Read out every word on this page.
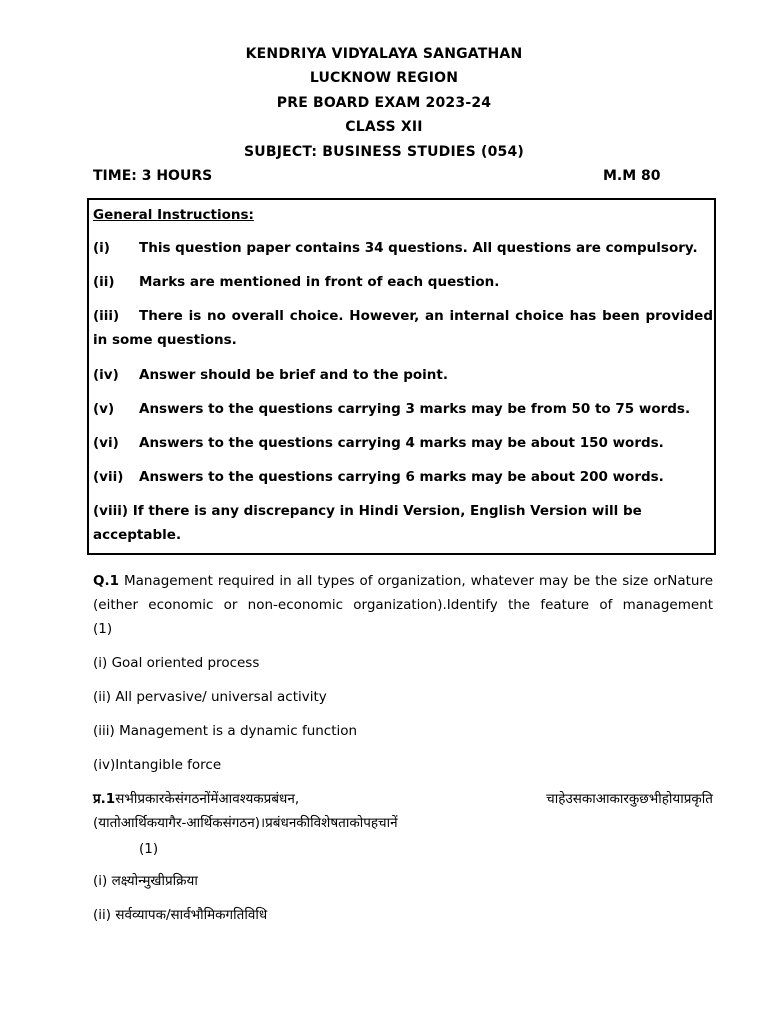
KENDRIYA VIDYALAYA SANGATHAN
LUCKNOW REGION
PRE BOARD EXAM 2023-24
CLASS XII
SUBJECT: BUSINESS STUDIES (054)
TIME: 3 HOURS	M.M 80
General Instructions:
(i) This question paper contains 34 questions. All questions are compulsory.
(ii) Marks are mentioned in front of each question.
(iii) There is no overall choice. However, an internal choice has been provided in some questions.
(iv) Answer should be brief and to the point.
(v) Answers to the questions carrying 3 marks may be from 50 to 75 words.
(vi) Answers to the questions carrying 4 marks may be about 150 words.
(vii) Answers to the questions carrying 6 marks may be about 200 words.
(viii) If there is any discrepancy in Hindi Version, English Version will be acceptable.
Q.1 Management required in all types of organization, whatever may be the size orNature
(either economic or non-economic organization).Identify the feature of management
(1)
(i) Goal oriented process
(ii) All pervasive/ universal activity
(iii) Management is a dynamic function
(iv)Intangible force
प्र.1सभीप्रकारकेसंगठनोंमेंआवश्यकप्रबंधन,	चाहेउसकाआकारकुछभीहोयाप्रकृति
(यातोआर्थिकयागैर-आर्थिकसंगठन)।प्रबंधनकीविशेषताकोपहचानें
(1)
(i) लक्ष्योन्मुखीप्रक्रिया
(ii) सर्वव्यापक/सार्वभौमिकगतिविधि
